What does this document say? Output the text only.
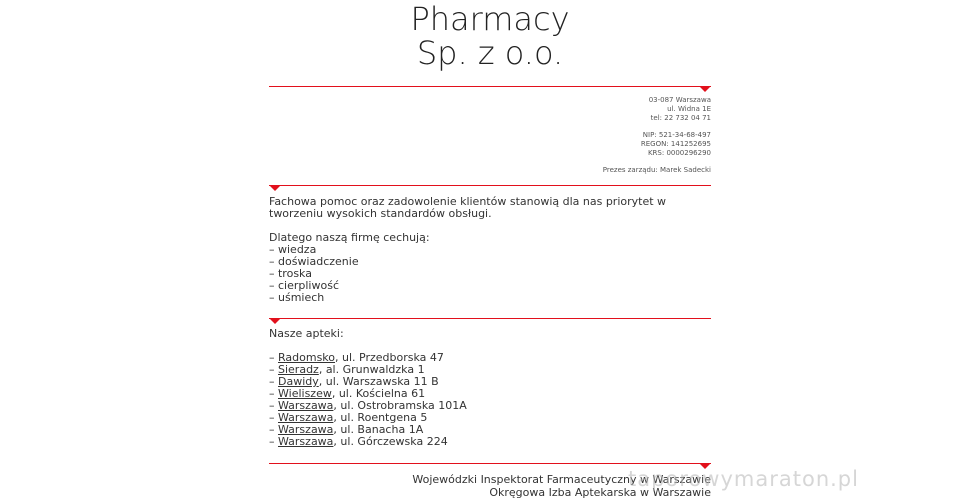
Pharmacy
Sp. z o.o.
03-087 Warszawa
ul. Widna 1E
tel: 22 732 04 71
NIP: 521-34-68-497
REGON: 141252695
KRS: 0000296290
Prezes zarządu: Marek Sadecki
Fachowa pomoc oraz zadowolenie klientów stanowią dla nas priorytet w tworzeniu wysokich standardów obsługi.
Dlatego naszą firmę cechują:
– wiedza
– doświadczenie
– troska
– cierpliwość
– uśmiech
Nasze apteki:
– Radomsko, ul. Przedborska 47
– Sieradz, al. Grunwaldzka 1
– Dawidy, ul. Warszawska 11 B
– Wieliszew, ul. Kościelna 61
– Warszawa, ul. Ostrobramska 101A
– Warszawa, ul. Roentgena 5
– Warszawa, ul. Banacha 1A
– Warszawa, ul. Górczewska 224
Wojewódzki Inspektorat Farmaceutyczny w Warszawie
Okręgowa Izba Aptekarska w Warszawie
taporowymaraton.pl
